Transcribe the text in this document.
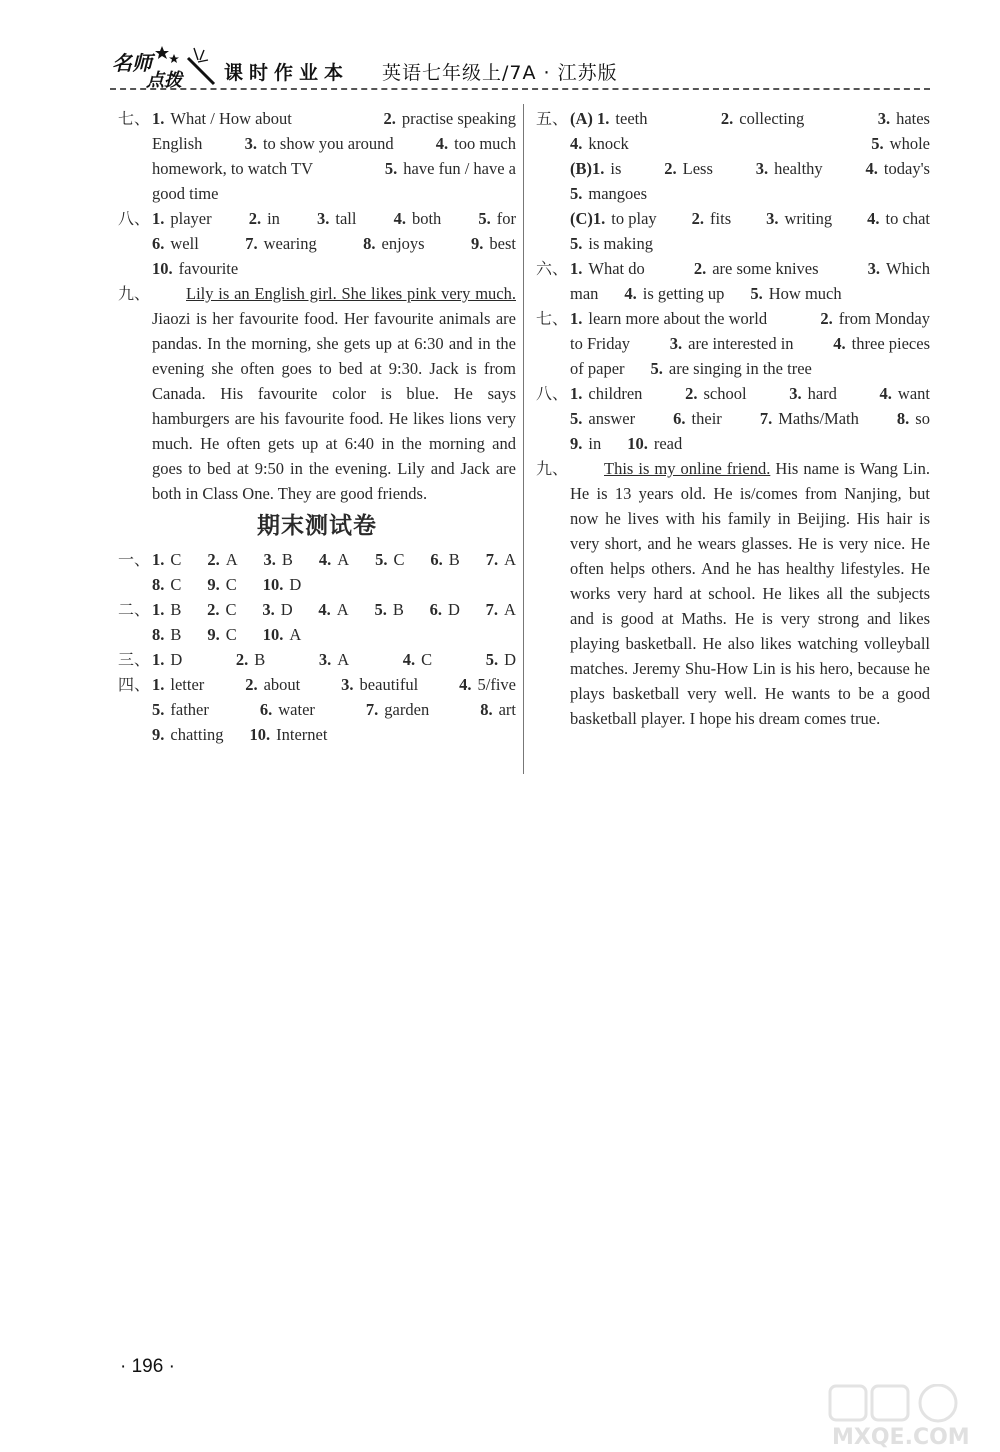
名师
点拨 课时作业本 英语七年级上/7A · 江苏版
七、 1. What / How about	2. practise speaking
English	3. to show you around	4. too much
homework, to watch TV	5. have fun / have a
good time
八、 1. player 2. in 3. tall 4. both 5. for
6. well	7. wearing	8. enjoys	9. best
10. favourite
九、	Lily is an English girl. She likes pink very much. Jiaozi is her favourite food. Her favourite animals are pandas. In the morning, she gets up at 6:30 and in the evening she often goes to bed at 9:30. Jack is from Canada. His favourite color is blue. He says hamburgers are his favourite food. He likes lions very much. He often gets up at 6:40 in the morning and goes to bed at 9:50 in the evening. Lily and Jack are both in Class One. They are good friends.
期末测试卷
一、 1. C 2. A 3. B 4. A 5. C 6. B 7. A
8. C 9. C 10. D
二、 1. B 2. C 3. D 4. A 5. B 6. D 7. A
8. B 9. C 10. A
三、 1. D	2. B	3. A	4. C	5. D
四、 1. letter 2. about 3. beautiful 4. 5/five
5. father	6. water	7. garden	8. art
9. chatting 10. Internet
五、 (A) 1. teeth	2. collecting	3. hates
4. knock	5. whole
(B)1. is	2. Less	3. healthy	4. today's
5. mangoes
(C)1. to play 2. fits 3. writing 4. to chat
5. is making
六、 1. What do	2. are some knives	3. Which
man 4. is getting up 5. How much
七、 1. learn more about the world	2. from Monday
to Friday 3. are interested in 4. three pieces
of paper 5. are singing in the tree
八、 1. children	2. school	3. hard	4. want
5. answer 6. their 7. Maths/Math 8. so
9. in 10. read
九、	This is my online friend. His name is Wang Lin. He is 13 years old. He is/comes from Nanjing, but now he lives with his family in Beijing. His hair is very short, and he wears glasses. He is very nice. He often helps others. And he has healthy lifestyles. He works very hard at school. He likes all the subjects and is good at Maths. He is very strong and likes playing basketball. He also likes watching volleyball matches. Jeremy Shu-How Lin is his hero, because he plays basketball very well. He wants to be a good basketball player. I hope his dream comes true.
· 196 ·
MXQE.COM
